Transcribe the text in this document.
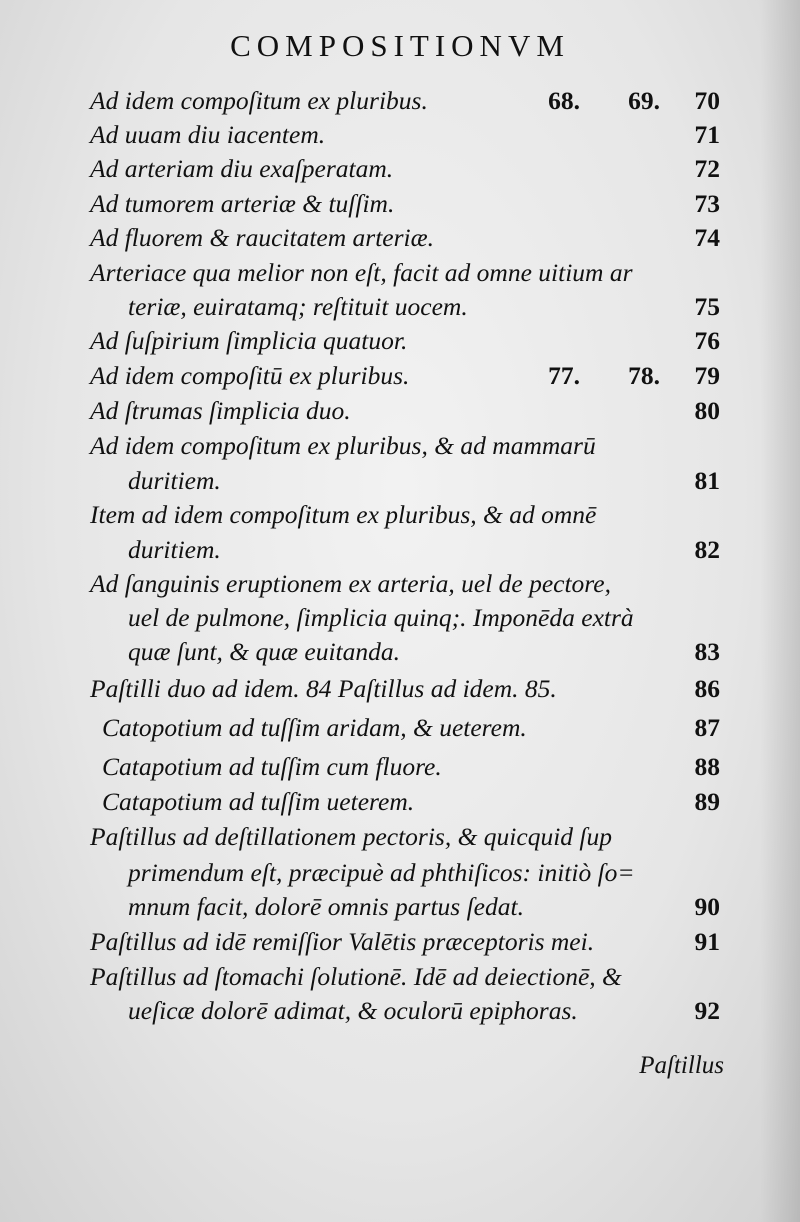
COMPOSITIONVM
Ad idem compoſitum ex pluribus.	68. 69. 70
Ad uuam diu iacentem.	71
Ad arteriam diu exaſperatam.	72
Ad tumorem arteriæ & tuſſim.	73
Ad fluorem & raucitatem arteriæ.	74
Arteriace qua melior non eſt, facit ad omne uitium ar
teriæ, euiratamq; reſtituit uocem.	75
Ad ſuſpirium ſimplicia quatuor.	76
Ad idem compoſitū ex pluribus.	77. 78. 79
Ad ſtrumas ſimplicia duo.	80
Ad idem compoſitum ex pluribus, & ad mammarū
duritiem.	81
Item ad idem compoſitum ex pluribus, & ad omnē
duritiem.	82
Ad ſanguinis eruptionem ex arteria, uel de pectore,
uel de pulmone, ſimplicia quinq;. Imponēda extrà
quæ ſunt, & quæ euitanda.	83
Paſtilli duo ad idem. 84 Paſtillus ad idem. 85.	86
Catopotium ad tuſſim aridam, & ueterem.	87
Catapotium ad tuſſim cum fluore.	88
Catapotium ad tuſſim ueterem.	89
Paſtillus ad deſtillationem pectoris, & quicquid ſup
primendum eſt, præcipuè ad phthiſicos: initiò ſo=
mnum facit, dolorē omnis partus ſedat.	90
Paſtillus ad idē remiſſior Valētis præceptoris mei.	91
Paſtillus ad ſtomachi ſolutionē. Idē ad deiectionē, &
ueſicæ dolorē adimat, & oculorū epiphoras.	92
Paſtillus
